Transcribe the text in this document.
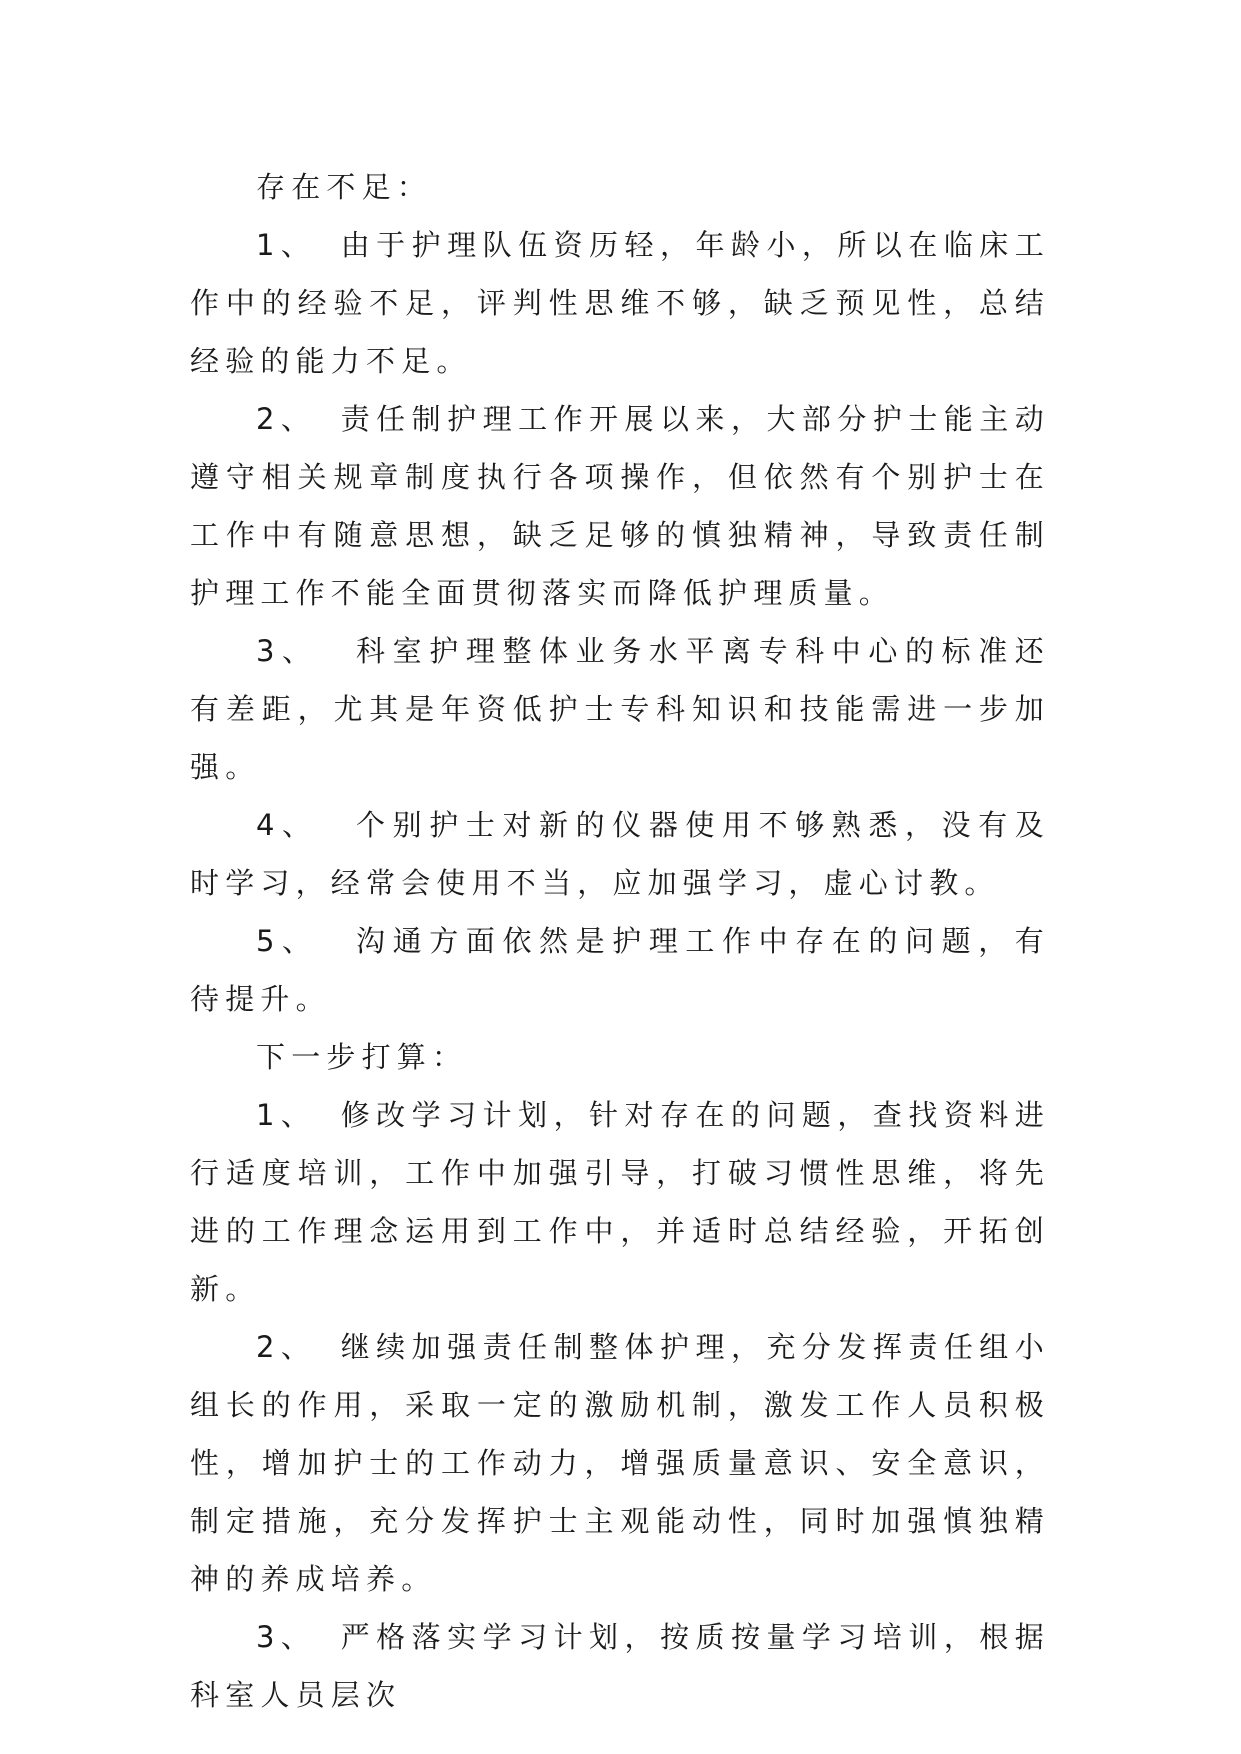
存在不足：

1、 由于护理队伍资历轻，年龄小，所以在临床工作中的经验不足，评判性思维不够，缺乏预见性，总结经验的能力不足。

2、 责任制护理工作开展以来，大部分护士能主动遵守相关规章制度执行各项操作，但依然有个别护士在工作中有随意思想，缺乏足够的慎独精神，导致责任制护理工作不能全面贯彻落实而降低护理质量。

3、 科室护理整体业务水平离专科中心的标准还有差距，尤其是年资低护士专科知识和技能需进一步加强。

4、 个别护士对新的仪器使用不够熟悉，没有及时学习，经常会使用不当，应加强学习，虚心讨教。

5、 沟通方面依然是护理工作中存在的问题，有待提升。

下一步打算：

1、 修改学习计划，针对存在的问题，查找资料进行适度培训，工作中加强引导，打破习惯性思维，将先进的工作理念运用到工作中，并适时总结经验，开拓创新。

2、 继续加强责任制整体护理，充分发挥责任组小组长的作用，采取一定的激励机制，激发工作人员积极性，增加护士的工作动力，增强质量意识、安全意识，制定措施，充分发挥护士主观能动性，同时加强慎独精神的养成培养。

3、 严格落实学习计划，按质按量学习培训，根据科室人员层次
